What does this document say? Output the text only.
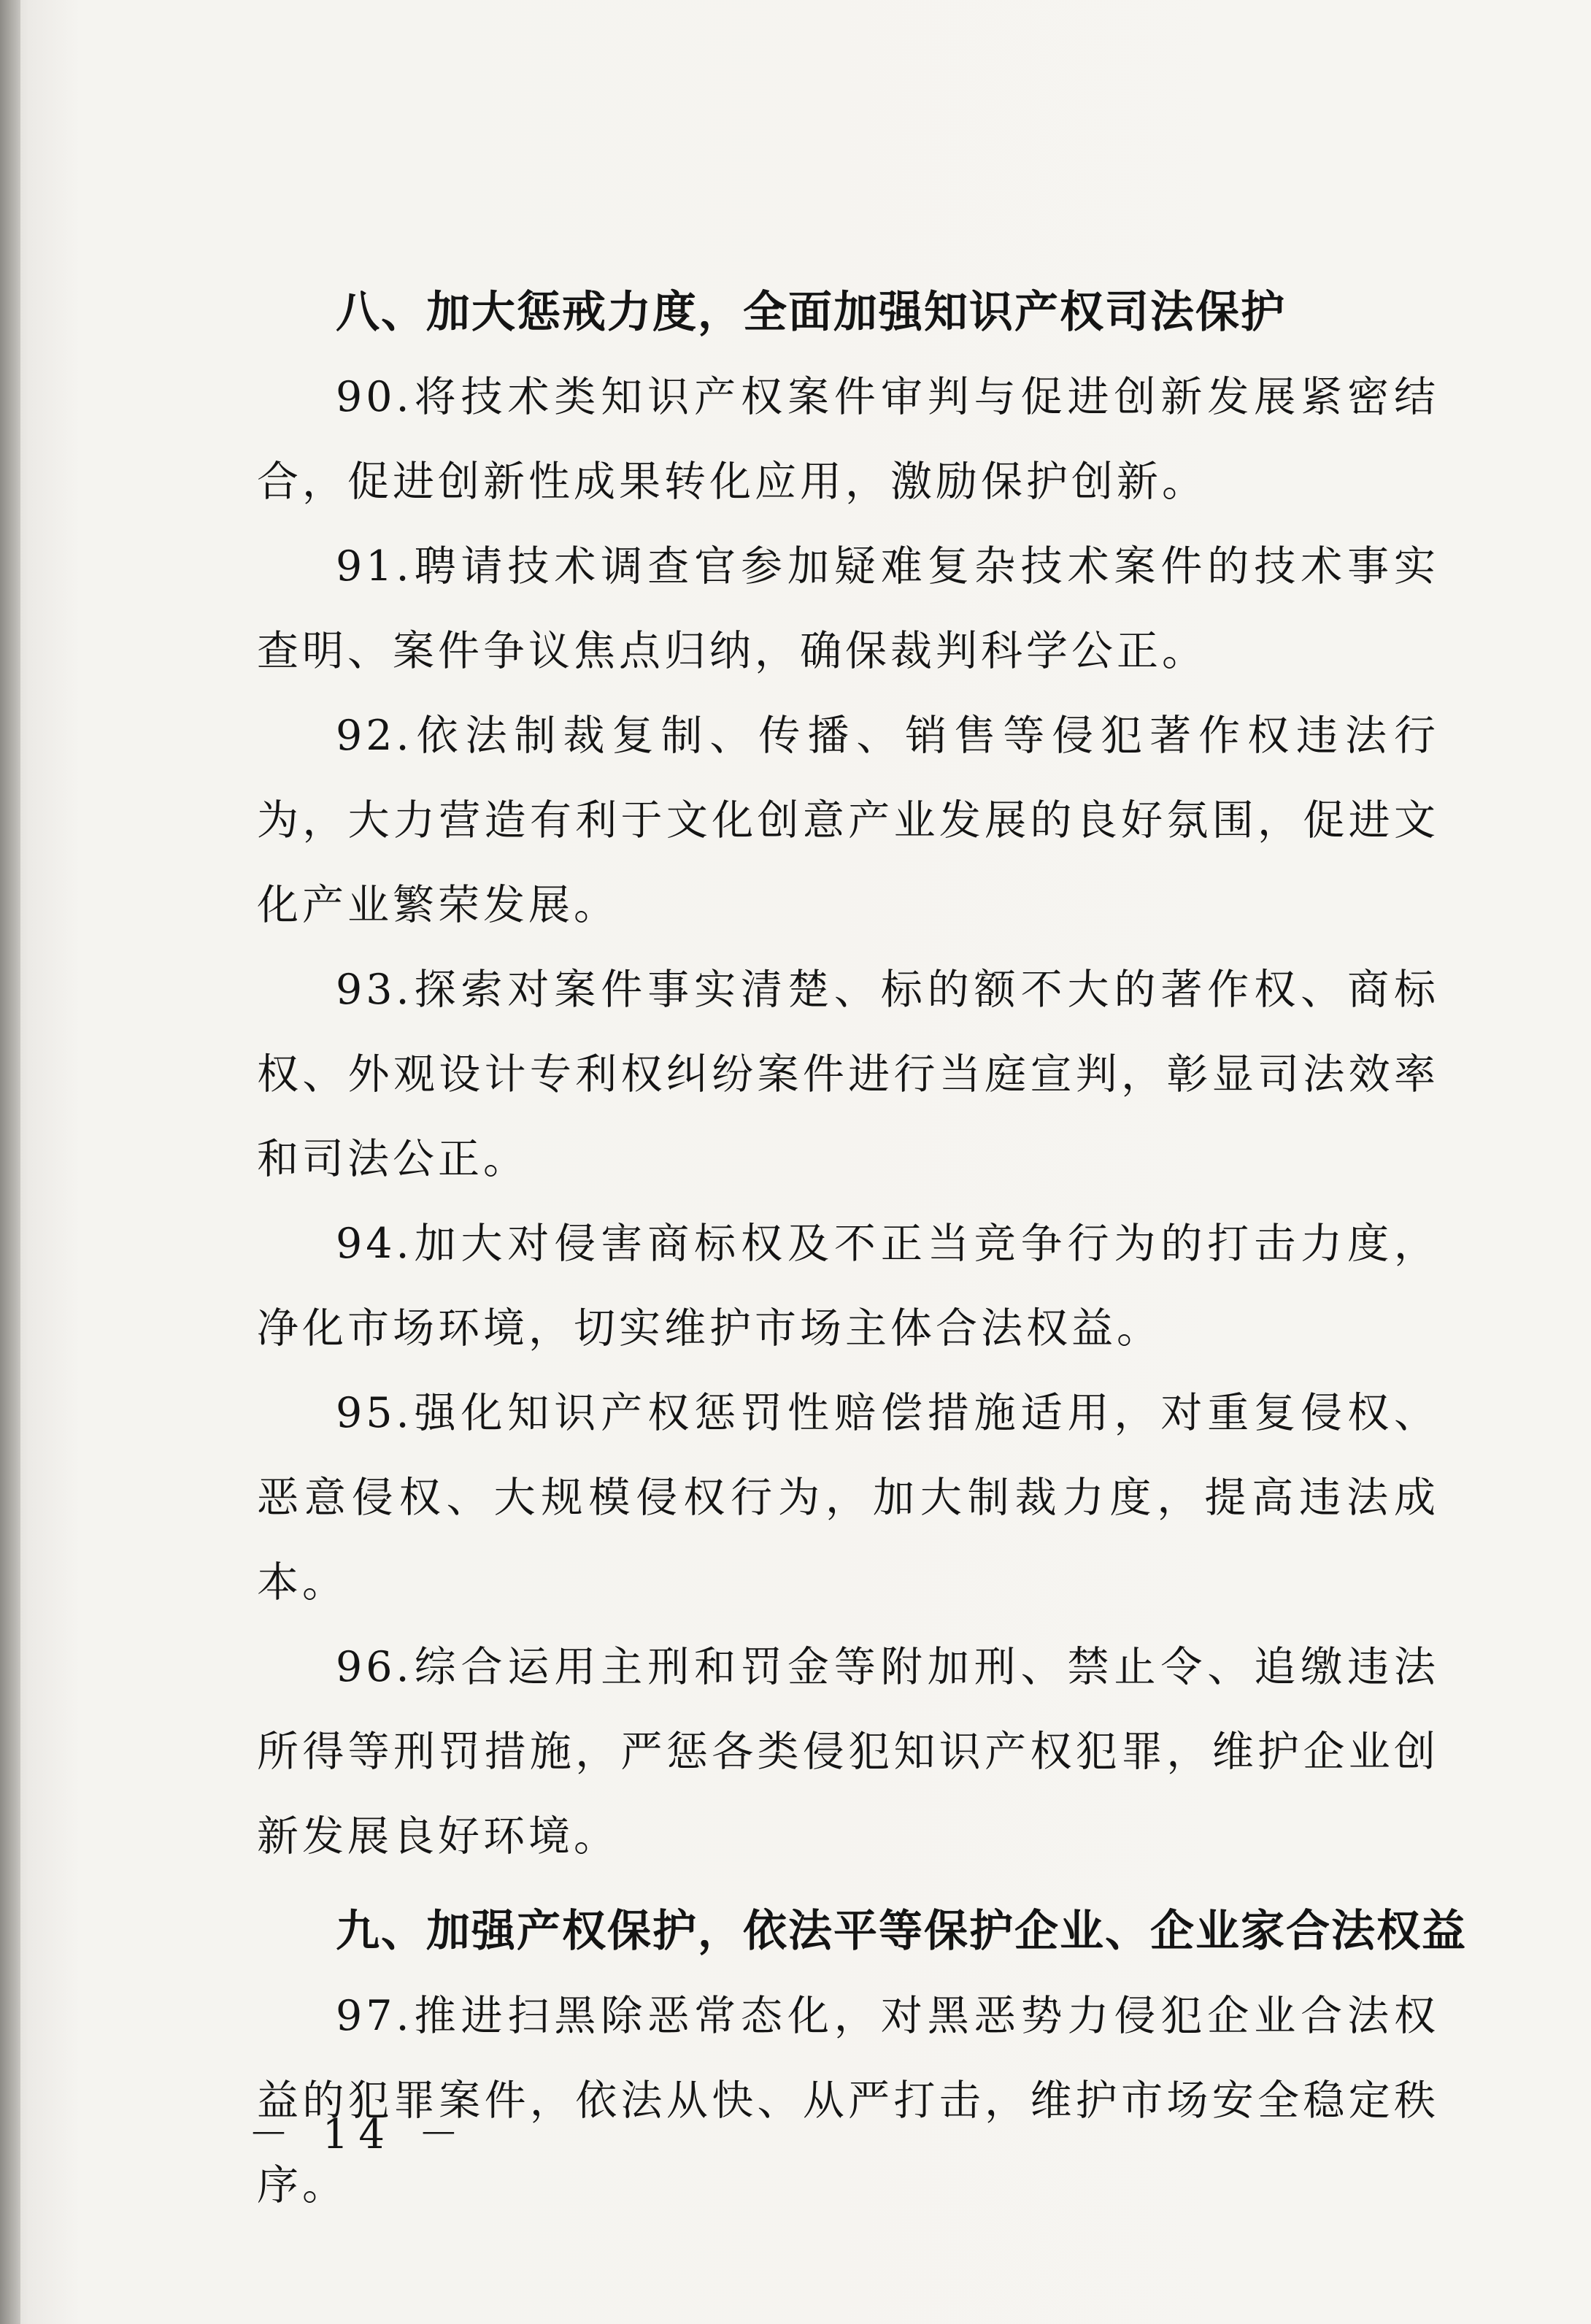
八、加大惩戒力度，全面加强知识产权司法保护

90.将技术类知识产权案件审判与促进创新发展紧密结合，促进创新性成果转化应用，激励保护创新。

91.聘请技术调查官参加疑难复杂技术案件的技术事实查明、案件争议焦点归纳，确保裁判科学公正。

92.依法制裁复制、传播、销售等侵犯著作权违法行为，大力营造有利于文化创意产业发展的良好氛围，促进文化产业繁荣发展。

93.探索对案件事实清楚、标的额不大的著作权、商标权、外观设计专利权纠纷案件进行当庭宣判，彰显司法效率和司法公正。

94.加大对侵害商标权及不正当竞争行为的打击力度，净化市场环境，切实维护市场主体合法权益。

95.强化知识产权惩罚性赔偿措施适用，对重复侵权、恶意侵权、大规模侵权行为，加大制裁力度，提高违法成本。

96.综合运用主刑和罚金等附加刑、禁止令、追缴违法所得等刑罚措施，严惩各类侵犯知识产权犯罪，维护企业创新发展良好环境。

九、加强产权保护，依法平等保护企业、企业家合法权益

97.推进扫黑除恶常态化，对黑恶势力侵犯企业合法权益的犯罪案件，依法从快、从严打击，维护市场安全稳定秩序。

－ 14 －
